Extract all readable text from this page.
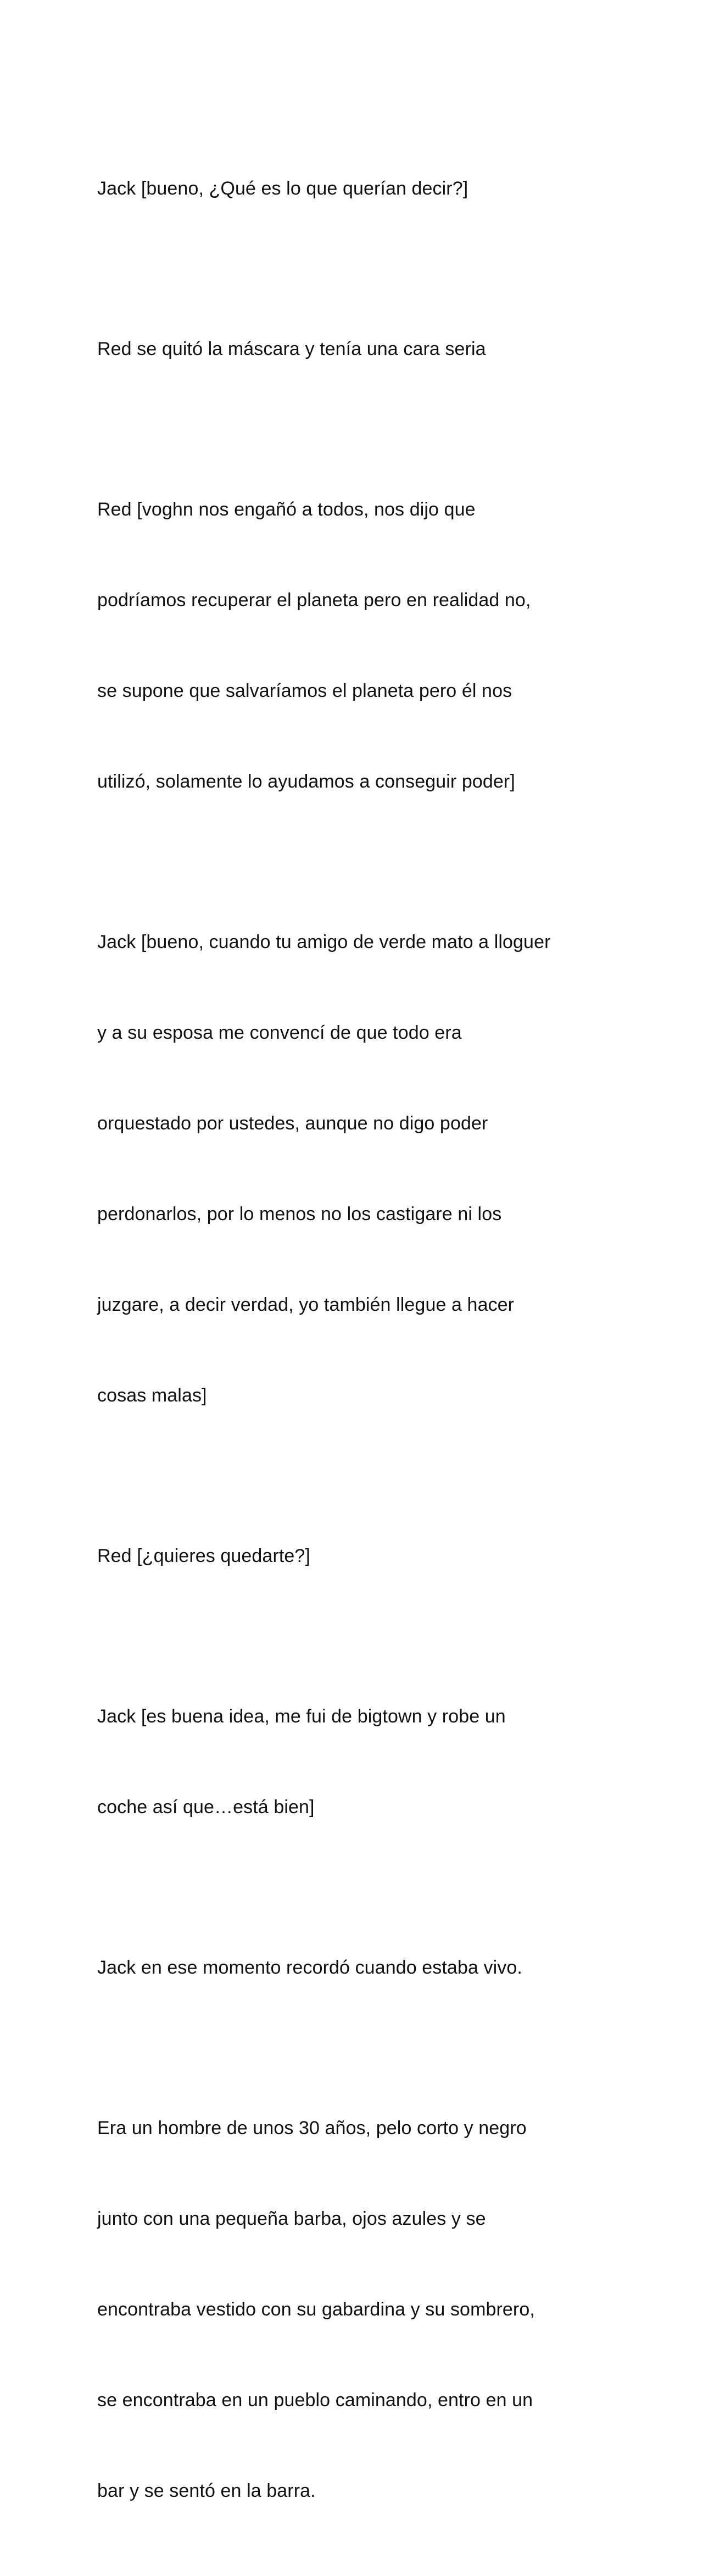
Jack [bueno, ¿Qué es lo que querían decir?]

Red se quitó la máscara y tenía una cara seria

Red [voghn nos engañó a todos, nos dijo que

podríamos recuperar el planeta pero en realidad no,

se supone que salvaríamos el planeta pero él nos

utilizó, solamente lo ayudamos a conseguir poder]

Jack [bueno, cuando tu amigo de verde mato a lloguer

y a su esposa me convencí de que todo era

orquestado por ustedes, aunque no digo poder

perdonarlos, por lo menos no los castigare ni los

juzgare, a decir verdad, yo también llegue a hacer

cosas malas]

Red [¿quieres quedarte?]

Jack [es buena idea, me fui de bigtown y robe un

coche así que…está bien]

Jack en ese momento recordó cuando estaba vivo.

Era un hombre de unos 30 años, pelo corto y negro

junto con una pequeña barba, ojos azules y se

encontraba vestido con su gabardina y su sombrero,

se encontraba en un pueblo caminando, entro en un

bar y se sentó en la barra.
